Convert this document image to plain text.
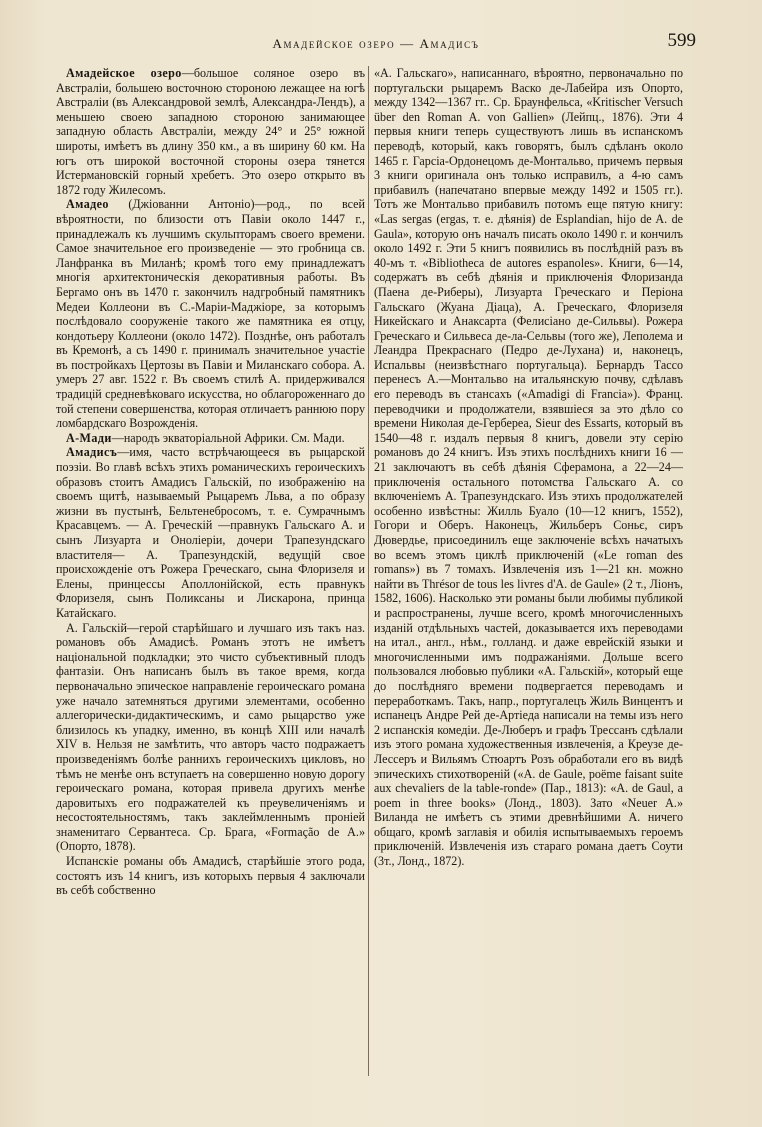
Амадейское озеро — Амадисъ	599

Амадейское озеро—большое соляное озеро въ Австраліи, большею восточною стороною лежащее на югѣ Австраліи (въ Александровой землѣ, Александра-Лендъ), а меньшею своею западною стороною занимающее западную область Австраліи, между 24° и 25° южной широты, имѣетъ въ длину 350 км., а въ ширину 60 км. На югъ отъ широкой восточной стороны озера тянется Истермановскій горный хребетъ. Это озеро открыто въ 1872 году Жилесомъ.

Амадео (Джіованни Антоніо)—род., по всей вѣроятности, по близости отъ Павіи около 1447 г., принадлежалъ къ лучшимъ скульпторамъ своего времени. Самое значительное его произведеніе — это гробница св. Ланфранка въ Миланѣ; кромѣ того ему принадлежатъ многія архитектоническія декоративныя работы. Въ Бергамо онъ въ 1470 г. закончилъ надгробный памятникъ Медеи Коллеони въ С.-Маріи-Маджіоре, за которымъ послѣдовало сооруженіе такого же памятника ея отцу, кондотьеру Коллеони (около 1472). Позднѣе, онъ работалъ въ Кремонѣ, а съ 1490 г. принималъ значительное участіе въ постройкахъ Цертозы въ Павіи и Миланскаго собора. А. умеръ 27 авг. 1522 г. Въ своемъ стилѣ А. придерживался традицій средневѣковаго искусства, но облагороженнаго до той степени совершенства, которая отличаетъ раннюю пору ломбардскаго Возрожденія.

А-Мади—народъ экваторіальной Африки. См. Мади.

Амадисъ—имя, часто встрѣчающееся въ рыцарской поэзіи. Во главѣ всѣхъ этихъ романическихъ героическихъ образовъ стоитъ Амадисъ Гальскій, по изображенію на своемъ щитѣ, называемый Рыцаремъ Льва, а по образу жизни въ пустынѣ, Бельтенебросомъ, т. е. Сумрачнымъ Красавцемъ. — А. Греческій —правнукъ Гальскаго А. и сынъ Лизуарта и Оноліеріи, дочери Трапезундскаго властителя— А. Трапезундскій, ведущій свое происхожденіе отъ Рожера Греческаго, сына Флоризеля и Елены, принцессы Аполлонійской, есть правнукъ Флоризеля, сынъ Поликсаны и Лискарона, принца Катайскаго.

А. Гальскій—герой старѣйшаго и лучшаго изъ такъ наз. романовъ объ Амадисѣ. Романъ этотъ не имѣетъ національной подкладки; это чисто субъективный плодъ фантазіи. Онъ написанъ былъ въ такое время, когда первоначально эпическое направленіе героическаго романа уже начало затемняться другими элементами, особенно аллегорически-дидактическимъ, и само рыцарство уже близилось къ упадку, именно, въ концѣ XIII или началѣ XIV в. Нельзя не замѣтить, что авторъ часто подражаетъ произведеніямъ болѣе раннихъ героическихъ цикловъ, но тѣмъ не менѣе онъ вступаетъ на совершенно новую дорогу героическаго романа, которая привела другихъ менѣе даровитыхъ его подражателей къ преувеличеніямъ и несостоятельностямъ, такъ заклеймленнымъ проніей знаменитаго Сервантеса. Ср. Брага, «Formação de A.» (Опорто, 1878).

Испанскіе романы объ Амадисѣ, старѣйшіе этого рода, состоятъ изъ 14 книгъ, изъ которыхъ первыя 4 заключали въ себѣ собственно

«А. Гальскаго», написаннаго, вѣроятно, первоначально по португальски рыцаремъ Васко де-Лабейра изъ Опорто, между 1342—1367 гг.. Ср. Браунфельса, «Kritischer Versuch über den Roman A. von Gallien» (Лейпц., 1876). Эти 4 первыя книги теперь существуютъ лишь въ испанскомъ переводѣ, который, какъ говорятъ, былъ сдѣланъ около 1465 г. Гарсіа-Ордонецомъ де-Монтальво, причемъ первыя 3 книги оригинала онъ только исправилъ, а 4-ю самъ прибавилъ (напечатано впервые между 1492 и 1505 гг.). Тотъ же Монтальво прибавилъ потомъ еще пятую книгу: «Las sergas (ergas, т. е. дѣянія) de Esplandian, hijo de A. de Gaula», которую онъ началъ писать около 1490 г. и кончилъ около 1492 г. Эти 5 книгъ появились въ послѣдній разъ въ 40-мъ т. «Bibliotheca de autores espanoles». Книги, 6—14, содержатъ въ себѣ дѣянія и приключенія Флоризанда (Паена де-Риберы), Лизуарта Греческаго и Періона Гальскаго (Жуана Діаца), А. Греческаго, Флоризеля Никейскаго и Анаксарта (Фелисіано де-Сильвы). Рожера Греческаго и Сильвеса де-ла-Сельвы (того же), Леполема и Леандра Прекраснаго (Педро де-Лухана) и, наконецъ, Испальвы (неизвѣстнаго португальца). Бернардъ Тассо перенесъ А.—Монтальво на итальянскую почву, сдѣлавъ его переводъ въ стансахъ («Amadigi di Francia»). Франц. переводчики и продолжатели, взявшіеся за это дѣло со времени Николая де-Гербереа, Sieur des Essarts, который въ 1540—48 г. издалъ первыя 8 книгъ, довели эту серію романовъ до 24 книгъ. Изъ этихъ послѣднихъ книги 16 — 21 заключаютъ въ себѣ дѣянія Сферамона, а 22—24—приключенія остального потомства Гальскаго А. со включеніемъ А. Трапезундскаго. Изъ этихъ продолжателей особенно извѣстны: Жилль Буало (10—12 книгъ, 1552), Гогори и Оберъ. Наконецъ, Жильберъ Соньє, сиръ Дювердье, присоединилъ еще заключеніе всѣхъ начатыхъ во всемъ этомъ циклѣ приключеній («Le roman des romans») въ 7 томахъ. Извлеченія изъ 1—21 кн. можно найти въ Thrésor de tous les livres d'A. de Gaule» (2 т., Ліонъ, 1582, 1606). Насколько эти романы были любимы публикой и распространены, лучше всего, кромѣ многочисленныхъ изданій отдѣльныхъ частей, доказывается ихъ переводами на итал., англ., нѣм., голланд. и даже еврейскій языки и многочисленными имъ подражаніями. Дольше всего пользовался любовью публики «А. Гальскій», который еще до послѣдняго времени подвергается переводамъ и переработкамъ. Такъ, напр., португалецъ Жиль Винцентъ и испанецъ Андре Рей де-Артіеда написали на темы изъ него 2 испанскія комедіи. Де-Люберъ и графъ Трессанъ сдѣлали изъ этого романа художественныя извлеченія, а Креузе де-Лессеръ и Вильямъ Стюартъ Розъ обработали его въ видѣ эпическихъ стихотвореній («A. de Gaule, poëme faisant suite aux chevaliers de la table-ronde» (Пар., 1813): «A. de Gaul, a poem in three books» (Лонд., 1803). Зато «Neuer A.» Виланда не имѣетъ съ этими древнѣйшими А. ничего общаго, кромѣ заглавія и обилія испытываемыхъ героемъ приключеній. Извлеченія изъ стараго романа даетъ Соути (3т., Лонд., 1872).
